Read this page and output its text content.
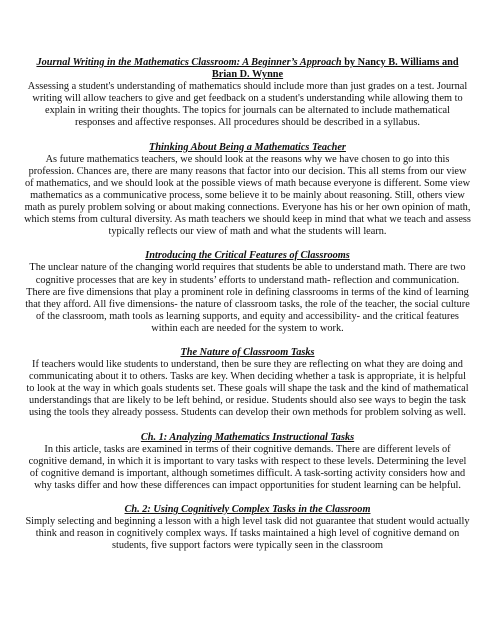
Journal Writing in the Mathematics Classroom: A Beginner’s Approach by Nancy B. Williams and Brian D. Wynne

Assessing a student's understanding of mathematics should include more than just grades on a test. Journal writing will allow teachers to give and get feedback on a student's understanding while allowing them to explain in writing their thoughts. The topics for journals can be alternated to include mathematical responses and affective responses. All procedures should be described in a syllabus.

Thinking About Being a Mathematics Teacher

As future mathematics teachers, we should look at the reasons why we have chosen to go into this profession. Chances are, there are many reasons that factor into our decision. This all stems from our view of mathematics, and we should look at the possible views of math because everyone is different. Some view mathematics as a communicative process, some believe it to be mainly about reasoning. Still, others view math as purely problem solving or about making connections. Everyone has his or her own opinion of math, which stems from cultural diversity. As math teachers we should keep in mind that what we teach and assess typically reflects our view of math and what the students will learn.

Introducing the Critical Features of Classrooms

The unclear nature of the changing world requires that students be able to understand math. There are two cognitive processes that are key in students’ efforts to understand math- reflection and communication. There are five dimensions that play a prominent role in defining classrooms in terms of the kind of learning that they afford. All five dimensions- the nature of classroom tasks, the role of the teacher, the social culture of the classroom, math tools as learning supports, and equity and accessibility- and the critical features within each are needed for the system to work.

The Nature of Classroom Tasks

If teachers would like students to understand, then be sure they are reflecting on what they are doing and communicating about it to others. Tasks are key. When deciding whether a task is appropriate, it is helpful to look at the way in which goals students set. These goals will shape the task and the kind of mathematical understandings that are likely to be left behind, or residue. Students should also see ways to begin the task using the tools they already possess. Students can develop their own methods for problem solving as well.

Ch. 1: Analyzing Mathematics Instructional Tasks

In this article, tasks are examined in terms of their cognitive demands. There are different levels of cognitive demand, in which it is important to vary tasks with respect to these levels. Determining the level of cognitive demand is important, although sometimes difficult. A task-sorting activity considers how and why tasks differ and how these differences can impact opportunities for student learning can be helpful.

Ch. 2: Using Cognitively Complex Tasks in the Classroom

Simply selecting and beginning a lesson with a high level task did not guarantee that student would actually think and reason in cognitively complex ways. If tasks maintained a high level of cognitive demand on students, five support factors were typically seen in the classroom
